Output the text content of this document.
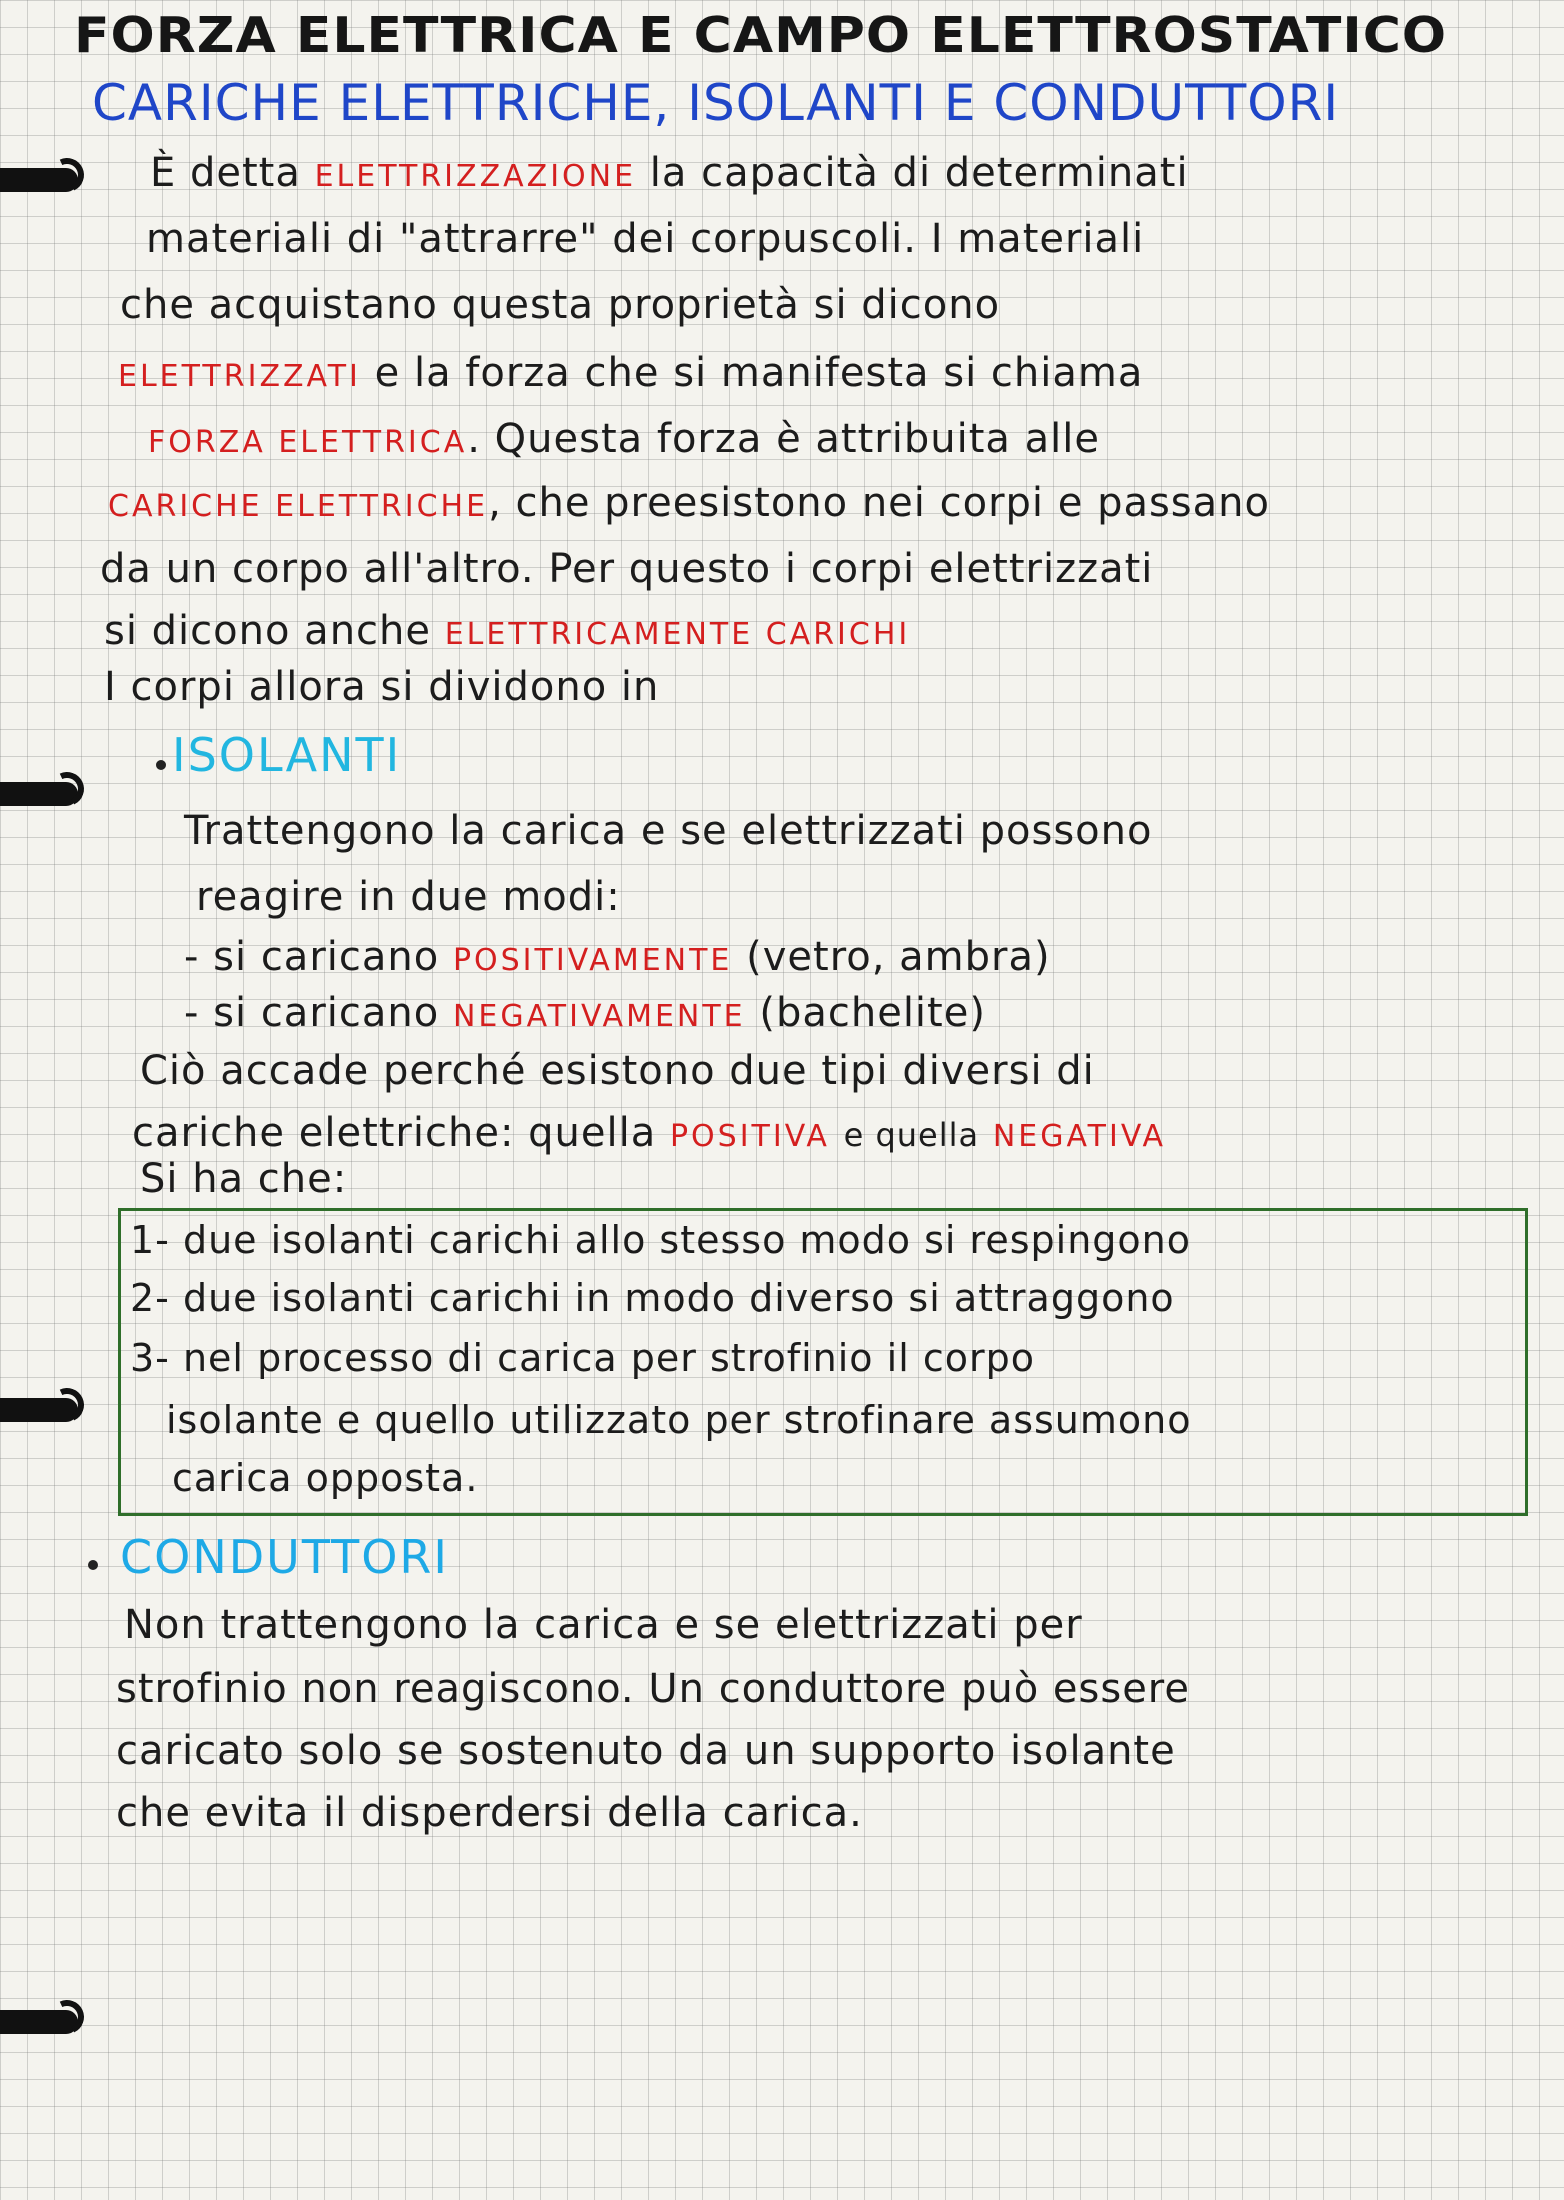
FORZA ELETTRICA E CAMPO ELETTROSTATICO
CARICHE ELETTRICHE, ISOLANTI E CONDUTTORI
È detta ELETTRIZZAZIONE la capacità di determinati
materiali di "attrarre" dei corpuscoli. I materiali
che acquistano questa proprietà si dicono
ELETTRIZZATI e la forza che si manifesta si chiama
FORZA ELETTRICA. Questa forza è attribuita alle
CARICHE ELETTRICHE, che preesistono nei corpi e passano
da un corpo all'altro. Per questo i corpi elettrizzati
si dicono anche ELETTRICAMENTE CARICHI
I corpi allora si dividono in
ISOLANTI
Trattengono la carica e se elettrizzati possono
reagire in due modi:
- si caricano POSITIVAMENTE (vetro, ambra)
- si caricano NEGATIVAMENTE (bachelite)
Ciò accade perché esistono due tipi diversi di
cariche elettriche: quella POSITIVA e quella NEGATIVA
Si ha che:
1- due isolanti carichi allo stesso modo si respingono
2- due isolanti carichi in modo diverso si attraggono
3- nel processo di carica per strofinio il corpo
isolante e quello utilizzato per strofinare assumono
carica opposta.
CONDUTTORI
Non trattengono la carica e se elettrizzati per
strofinio non reagiscono. Un conduttore può essere
caricato solo se sostenuto da un supporto isolante
che evita il disperdersi della carica.
